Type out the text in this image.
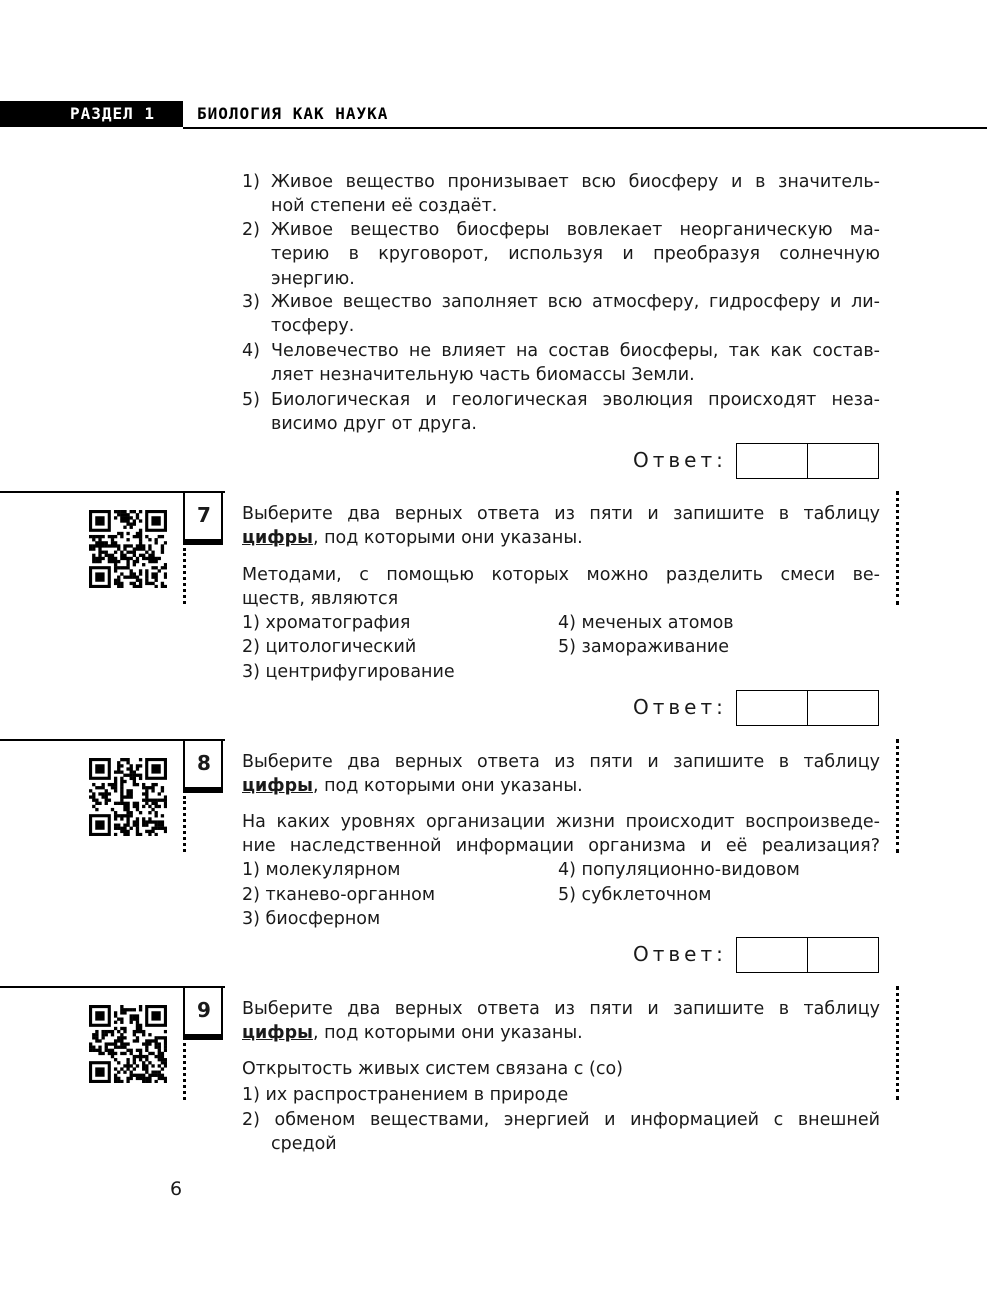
РАЗДЕЛ 1	БИОЛОГИЯ КАК НАУКА
1) Живое вещество пронизывает всю биосферу и в значитель-
ной степени её создаёт.
2) Живое вещество биосферы вовлекает неорганическую ма-
терию в круговорот, используя и преобразуя солнечную
энергию.
3) Живое вещество заполняет всю атмосферу, гидросферу и ли-
тосферу.
4) Человечество не влияет на состав биосферы, так как состав-
ляет незначительную часть биомассы Земли.
5) Биологическая и геологическая эволюция происходят неза-
висимо друг от друга.
Ответ:
7	Выберите два верных ответа из пяти и запишите в таблицу
цифры, под которыми они указаны.
Методами, с помощью которых можно разделить смеси ве-
ществ, являются
1) хроматография
2) цитологический
3) центрифугирование
4) меченых атомов
5) замораживание
Ответ:
8	Выберите два верных ответа из пяти и запишите в таблицу
цифры, под которыми они указаны.
На каких уровнях организации жизни происходит воспроизведе-
ние наследственной информации организма и её реализация?
1) молекулярном
2) тканево-органном
3) биосферном
4) популяционно-видовом
5) субклеточном
Ответ:
9	Выберите два верных ответа из пяти и запишите в таблицу
цифры, под которыми они указаны.
Открытость живых систем связана с (со)
1) их распространением в природе
2) обменом веществами, энергией и информацией с внешней
средой
6
